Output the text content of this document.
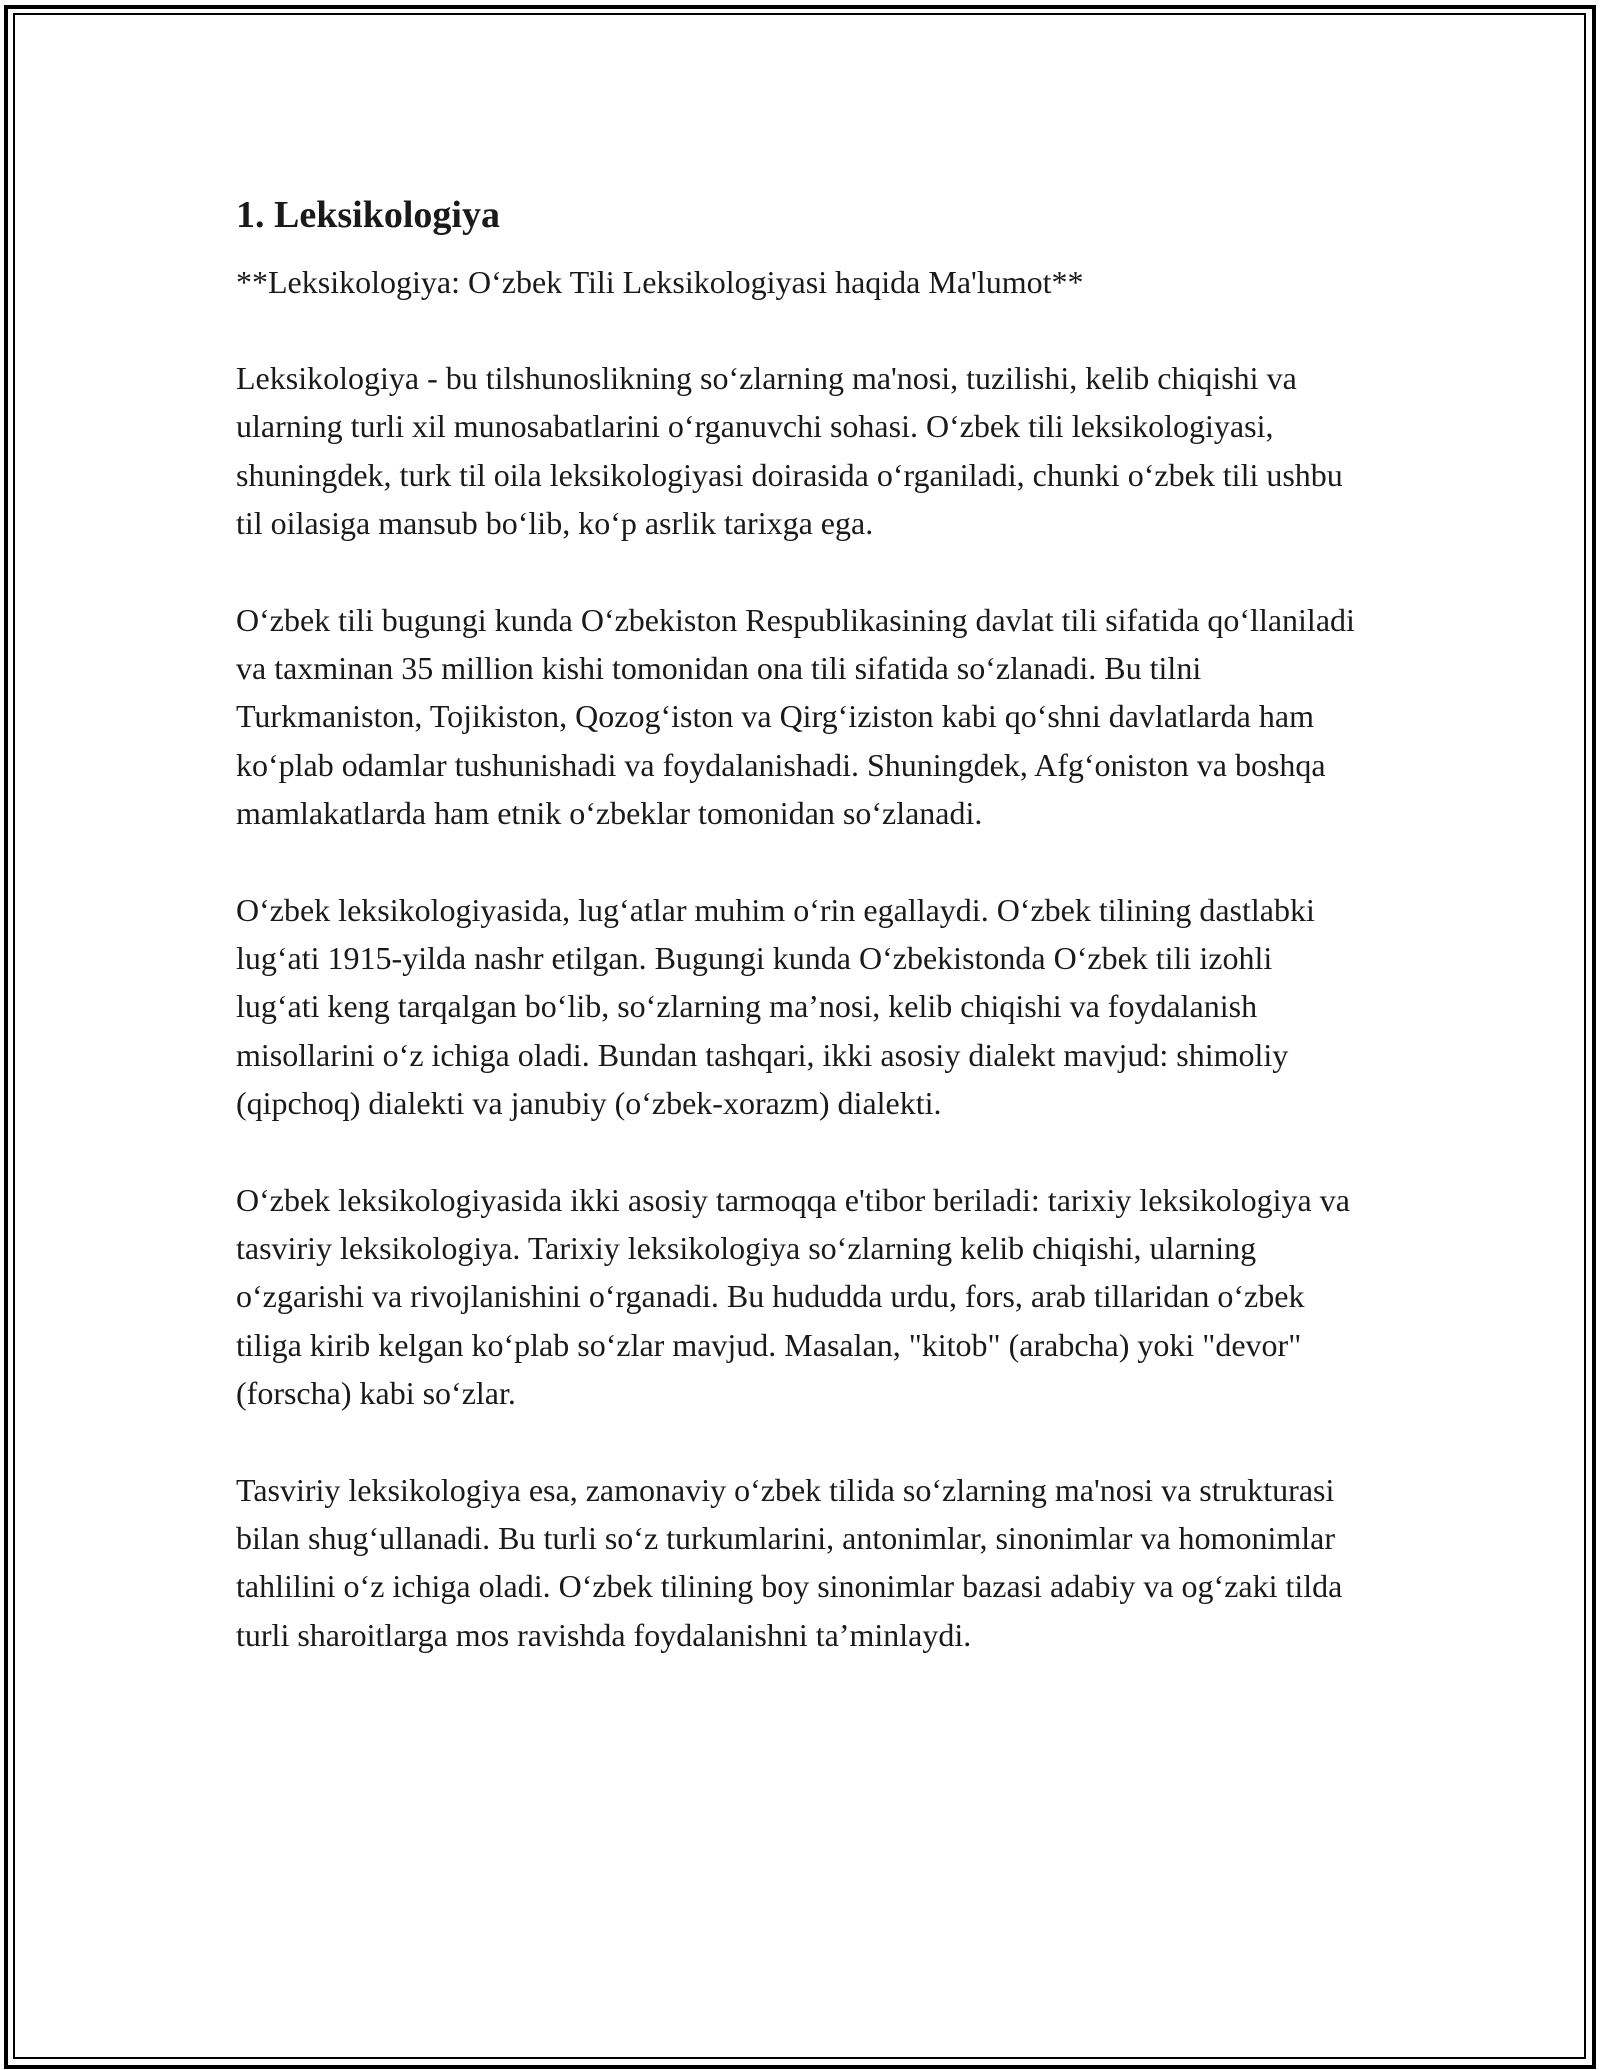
1. Leksikologiya

**Leksikologiya: O‘zbek Tili Leksikologiyasi haqida Ma'lumot**

Leksikologiya - bu tilshunoslikning so‘zlarning ma'nosi, tuzilishi, kelib chiqishi va ularning turli xil munosabatlarini o‘rganuvchi sohasi. O‘zbek tili leksikologiyasi, shuningdek, turk til oila leksikologiyasi doirasida o‘rganiladi, chunki o‘zbek tili ushbu til oilasiga mansub bo‘lib, ko‘p asrlik tarixga ega.

O‘zbek tili bugungi kunda O‘zbekiston Respublikasining davlat tili sifatida qo‘llaniladi va taxminan 35 million kishi tomonidan ona tili sifatida so‘zlanadi. Bu tilni Turkmaniston, Tojikiston, Qozog‘iston va Qirg‘iziston kabi qo‘shni davlatlarda ham ko‘plab odamlar tushunishadi va foydalanishadi. Shuningdek, Afg‘oniston va boshqa mamlakatlarda ham etnik o‘zbeklar tomonidan so‘zlanadi.

O‘zbek leksikologiyasida, lug‘atlar muhim o‘rin egallaydi. O‘zbek tilining dastlabki lug‘ati 1915-yilda nashr etilgan. Bugungi kunda O‘zbekistonda O‘zbek tili izohli lug‘ati keng tarqalgan bo‘lib, so‘zlarning ma’nosi, kelib chiqishi va foydalanish misollarini o‘z ichiga oladi. Bundan tashqari, ikki asosiy dialekt mavjud: shimoliy (qipchoq) dialekti va janubiy (o‘zbek-xorazm) dialekti.

O‘zbek leksikologiyasida ikki asosiy tarmoqqa e'tibor beriladi: tarixiy leksikologiya va tasviriy leksikologiya. Tarixiy leksikologiya so‘zlarning kelib chiqishi, ularning o‘zgarishi va rivojlanishini o‘rganadi. Bu hududda urdu, fors, arab tillaridan o‘zbek tiliga kirib kelgan ko‘plab so‘zlar mavjud. Masalan, "kitob" (arabcha) yoki "devor" (forscha) kabi so‘zlar.

Tasviriy leksikologiya esa, zamonaviy o‘zbek tilida so‘zlarning ma'nosi va strukturasi bilan shug‘ullanadi. Bu turli so‘z turkumlarini, antonimlar, sinonimlar va homonimlar tahlilini o‘z ichiga oladi. O‘zbek tilining boy sinonimlar bazasi adabiy va og‘zaki tilda turli sharoitlarga mos ravishda foydalanishni ta’minlaydi.
